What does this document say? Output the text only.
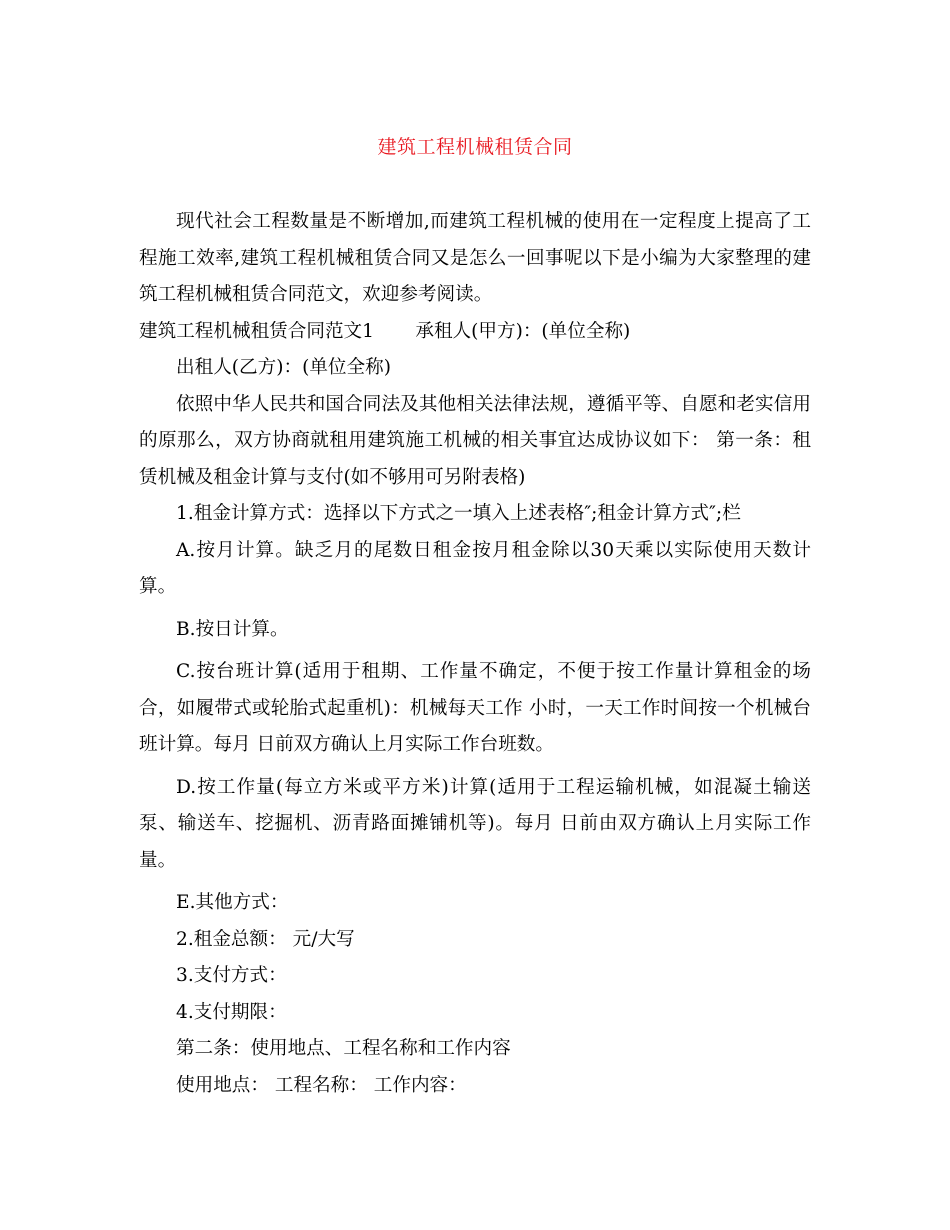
建筑工程机械租赁合同

现代社会工程数量是不断增加,而建筑工程机械的使用在一定程度上提高了工程施工效率,建筑工程机械租赁合同又是怎么一回事呢以下是小编为大家整理的建筑工程机械租赁合同范文，欢迎参考阅读。

建筑工程机械租赁合同范文1 承租人(甲方)：(单位全称)

出租人(乙方)：(单位全称)

依照中华人民共和国合同法及其他相关法律法规，遵循平等、自愿和老实信用的原那么，双方协商就租用建筑施工机械的相关事宜达成协议如下： 第一条：租赁机械及租金计算与支付(如不够用可另附表格)

1.租金计算方式：选择以下方式之一填入上述表格″;租金计算方式″;栏

A.按月计算。缺乏月的尾数日租金按月租金除以30天乘以实际使用天数计算。

B.按日计算。

C.按台班计算(适用于租期、工作量不确定，不便于按工作量计算租金的场合，如履带式或轮胎式起重机)：机械每天工作 小时，一天工作时间按一个机械台班计算。每月 日前双方确认上月实际工作台班数。

D.按工作量(每立方米或平方米)计算(适用于工程运输机械，如混凝土输送泵、输送车、挖掘机、沥青路面摊铺机等)。每月 日前由双方确认上月实际工作量。

E.其他方式：

2.租金总额： 元/大写

3.支付方式：

4.支付期限：

第二条：使用地点、工程名称和工作内容

使用地点： 工程名称： 工作内容：
